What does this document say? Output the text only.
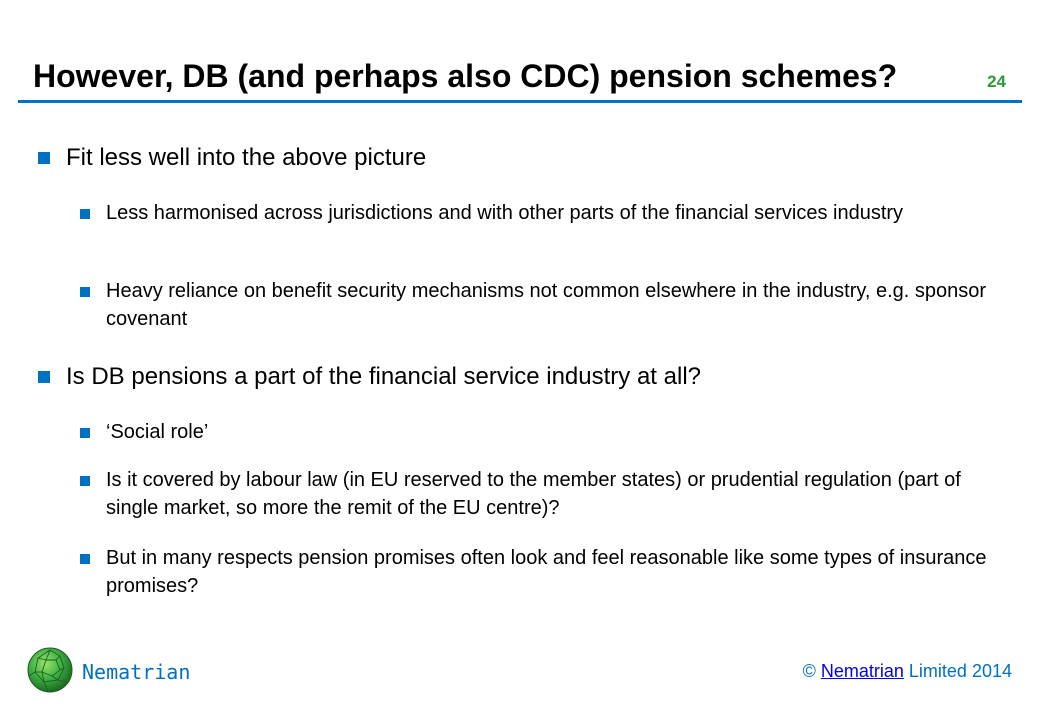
However, DB (and perhaps also CDC) pension schemes?	24
Fit less well into the above picture
Less harmonised across jurisdictions and with other parts of the financial services industry
Heavy reliance on benefit security mechanisms not common elsewhere in the industry, e.g. sponsor covenant
Is DB pensions a part of the financial service industry at all?
‘Social role’
Is it covered by labour law (in EU reserved to the member states) or prudential regulation (part of single market, so more the remit of the EU centre)?
But in many respects pension promises often look and feel reasonable like some types of insurance promises?
Nematrian	© Nematrian Limited 2014
